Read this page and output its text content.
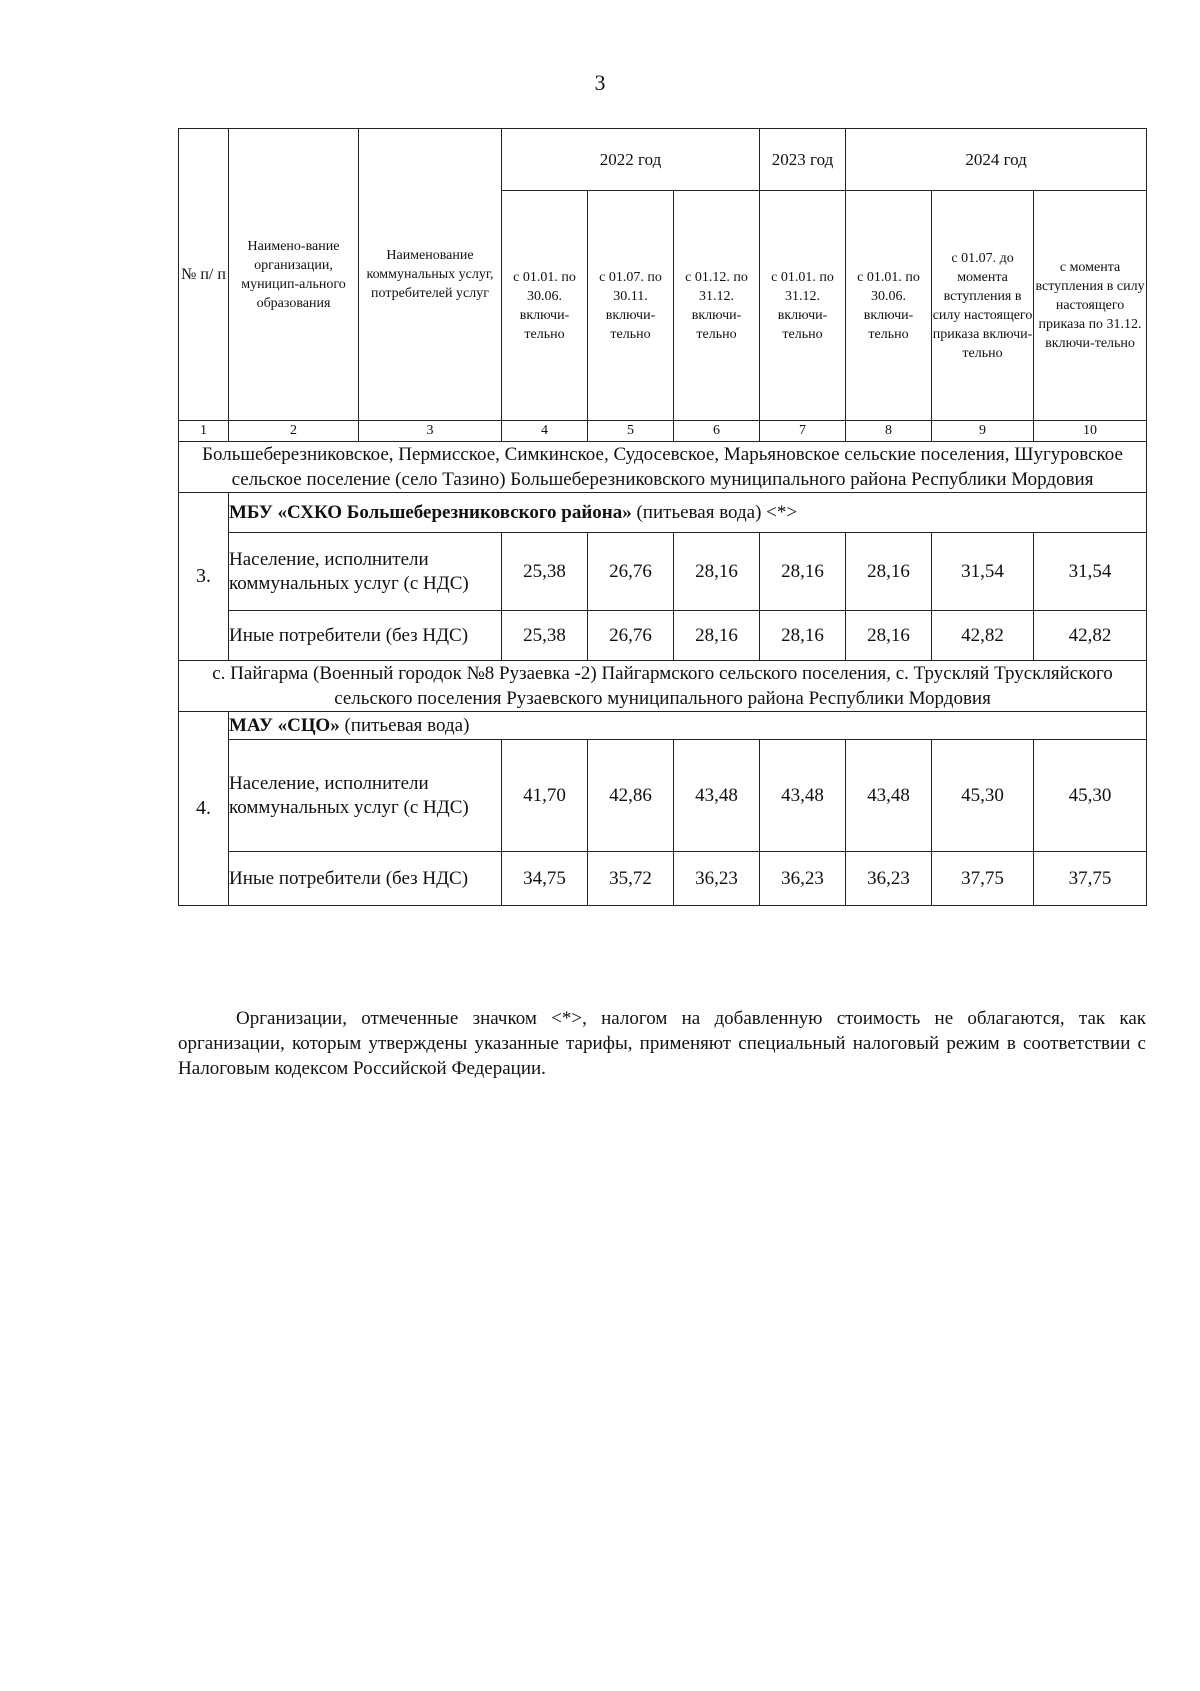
3
№ п/ п	Наимено-вание организации, муницип-ального образования	Наименование коммунальных услуг, потребителей услуг	2022 год			2023 год	2024 год		
			с 01.01. по 30.06. включи-тельно	с 01.07. по 30.11. включи-тельно	с 01.12. по 31.12. включи-тельно	с 01.01. по 31.12. включи-тельно	с 01.01. по 30.06. включи-тельно	с 01.07. до момента вступления в силу настоящего приказа включи-тельно	с момента вступления в силу настоящего приказа по 31.12. включи-тельно
1	2	3	4	5	6	7	8	9	10
Большеберезниковское, Пермисское, Симкинское, Судосевское, Марьяновское сельские поселения, Шугуровское сельское поселение (село Тазино) Большеберезниковского муниципального района Республики Мордовия									
3.	МБУ «СХКО Большеберезниковского района» (питьевая вода) <*>								
	Население, исполнители коммунальных услуг (с НДС)		25,38	26,76	28,16	28,16	28,16	31,54	31,54
	Иные потребители (без НДС)		25,38	26,76	28,16	28,16	28,16	42,82	42,82
с. Пайгарма (Военный городок №8 Рузаевка -2) Пайгармского сельского поселения, с. Трускляй Трускляйского сельского поселения Рузаевского муниципального района Республики Мордовия									
4.	МАУ «СЦО» (питьевая вода)								
	Население, исполнители коммунальных услуг (с НДС)		41,70	42,86	43,48	43,48	43,48	45,30	45,30
	Иные потребители (без НДС)		34,75	35,72	36,23	36,23	36,23	37,75	37,75
Организации, отмеченные значком <*>, налогом на добавленную стоимость не облагаются, так как организации, которым утверждены указанные тарифы, применяют специальный налоговый режим в соответствии с Налоговым кодексом Российской Федерации.
